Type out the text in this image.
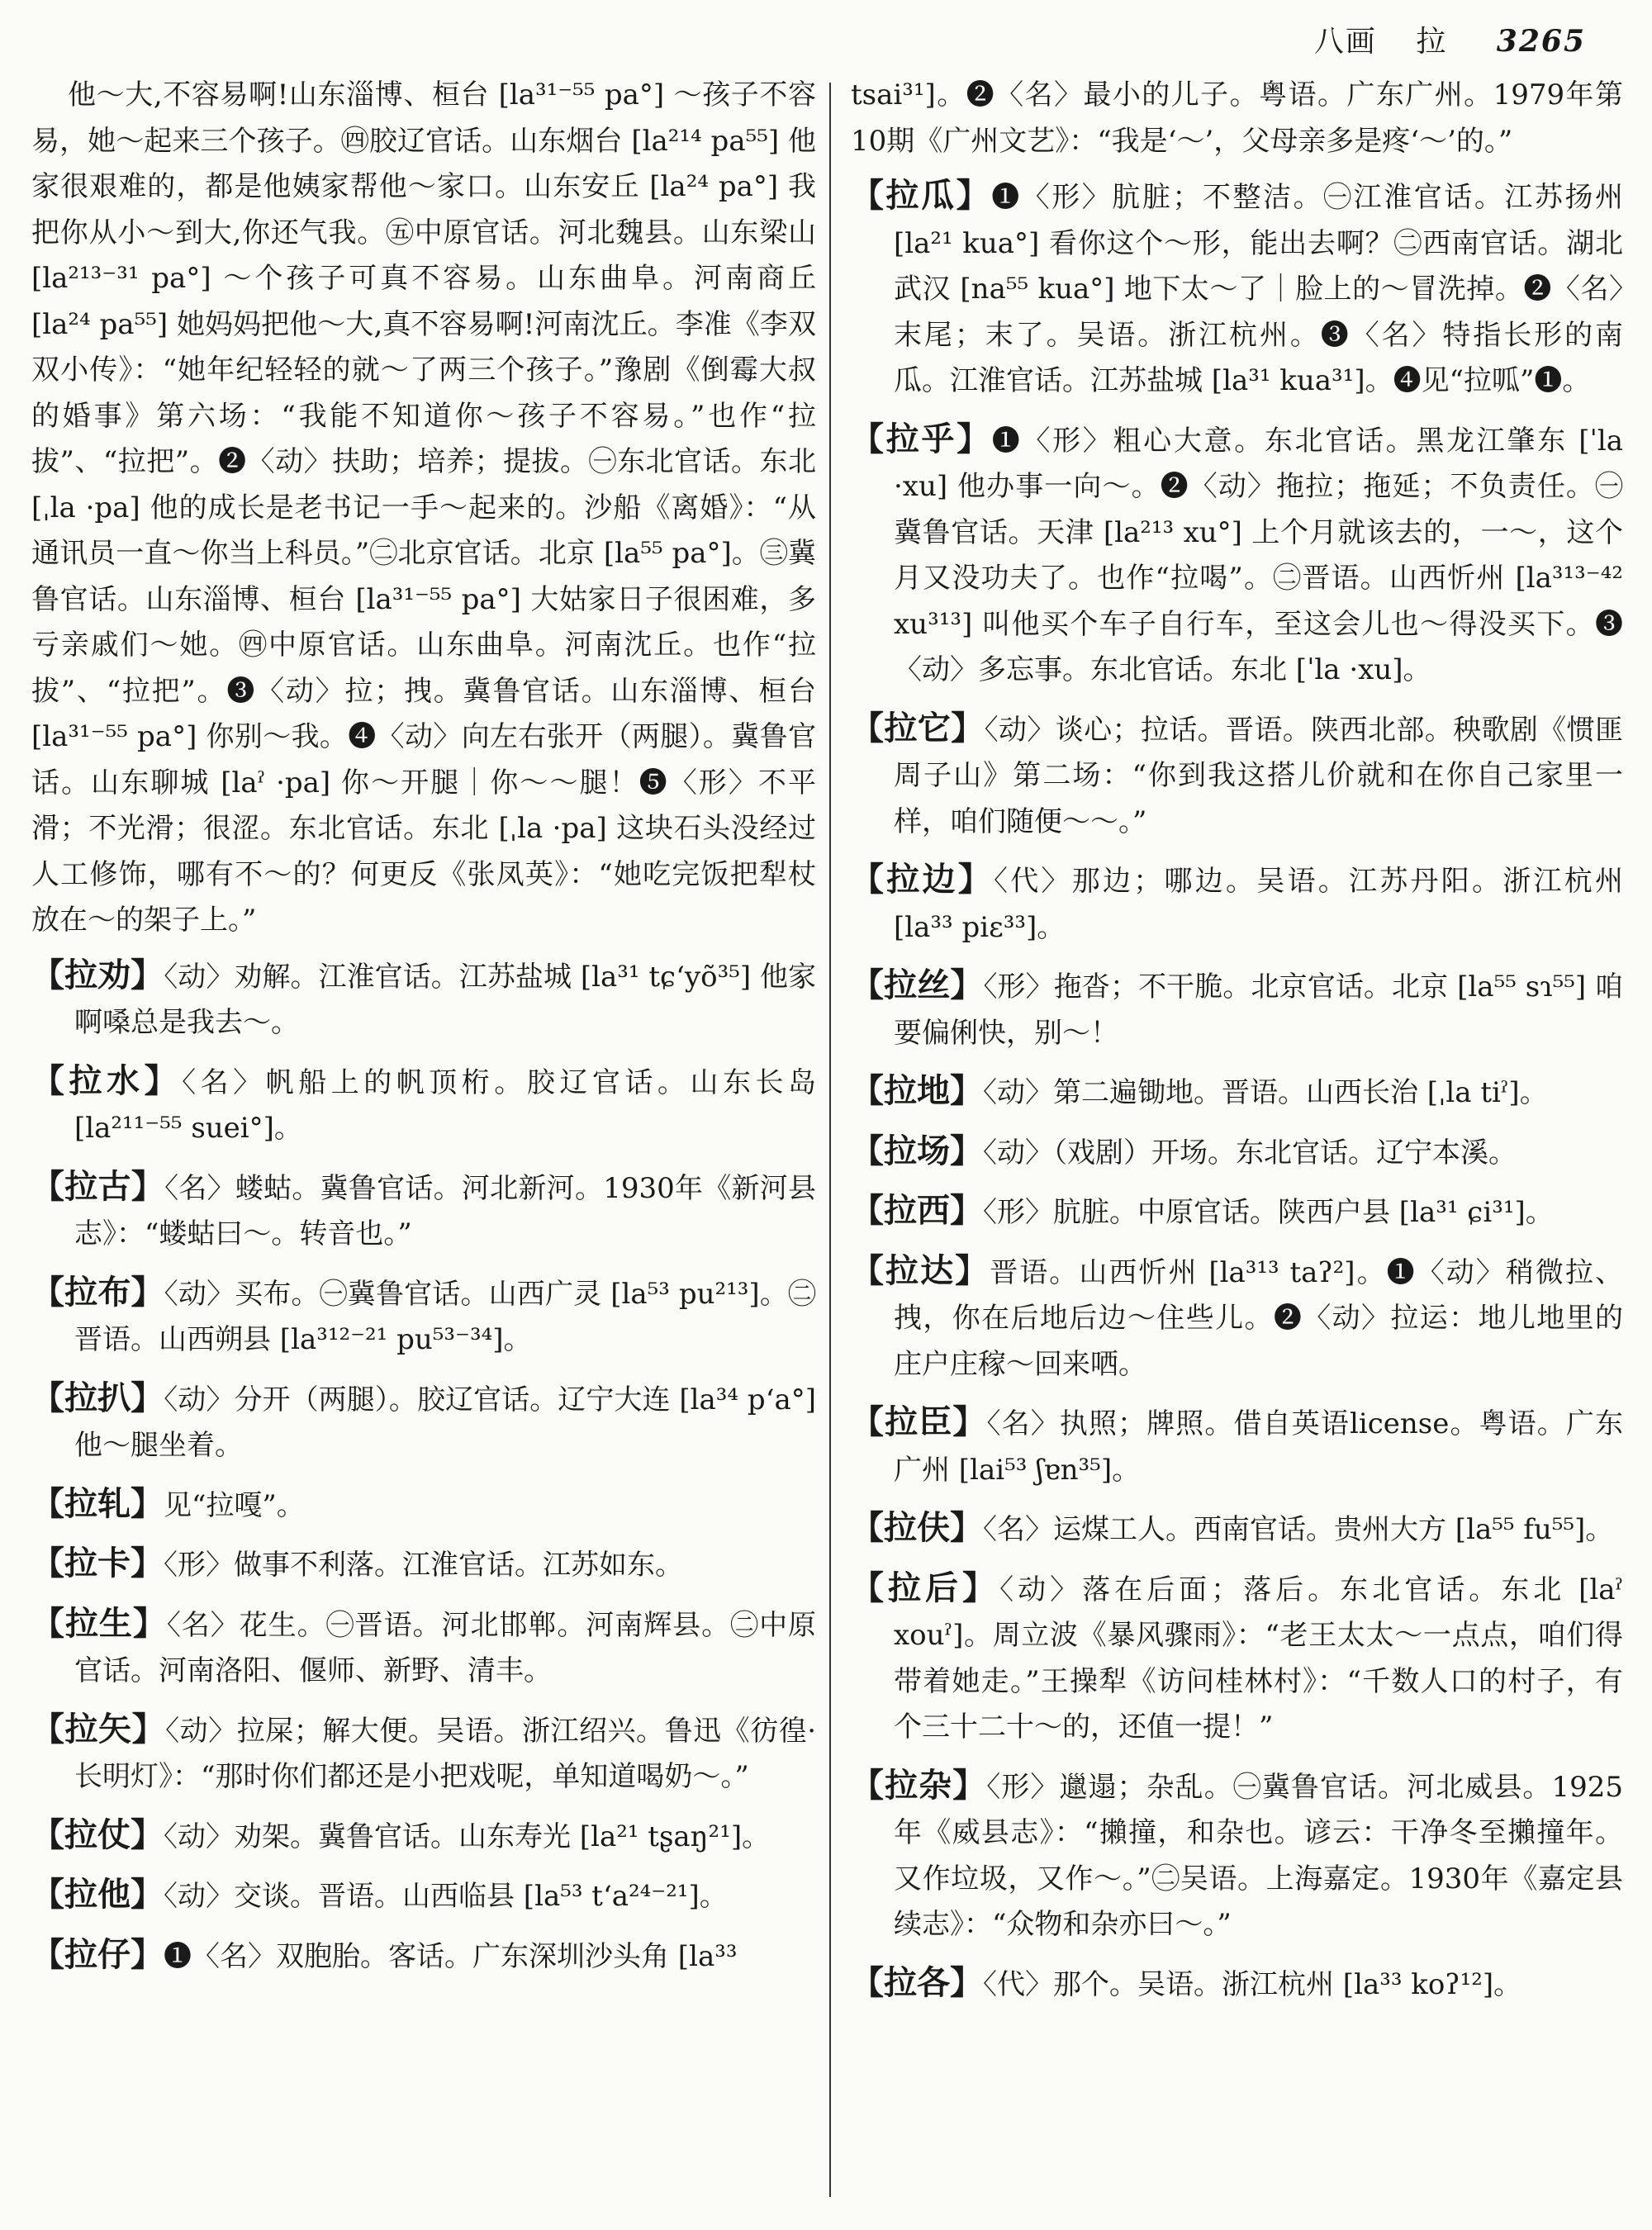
八画 拉 3265

他～大,不容易啊!山东淄博、桓台 [la³¹⁻⁵⁵ pa°] ～孩子不容易，她～起来三个孩子。㊃胶辽官话。山东烟台 [la²¹⁴ pa⁵⁵] 他家很艰难的，都是他姨家帮他～家口。山东安丘 [la²⁴ pa°] 我把你从小～到大,你还气我。㊄中原官话。河北魏县。山东梁山 [la²¹³⁻³¹ pa°] ～个孩子可真不容易。山东曲阜。河南商丘 [la²⁴ pa⁵⁵] 她妈妈把他～大,真不容易啊!河南沈丘。李准《李双双小传》：“她年纪轻轻的就～了两三个孩子。”豫剧《倒霉大叔的婚事》第六场：“我能不知道你～孩子不容易。”也作“拉拔”、“拉把”。❷〈动〉扶助；培养；提拔。㊀东北官话。东北 [ˌla ·pa] 他的成长是老书记一手～起来的。沙船《离婚》：“从通讯员一直～你当上科员。”㊁北京官话。北京 [la⁵⁵ pa°]。㊂冀鲁官话。山东淄博、桓台 [la³¹⁻⁵⁵ pa°] 大姑家日子很困难，多亏亲戚们～她。㊃中原官话。山东曲阜。河南沈丘。也作“拉拔”、“拉把”。❸〈动〉拉；拽。冀鲁官话。山东淄博、桓台 [la³¹⁻⁵⁵ pa°] 你别～我。❹〈动〉向左右张开（两腿）。冀鲁官话。山东聊城 [laˀ ·pa] 你～开腿｜你～～腿！❺〈形〉不平滑；不光滑；很涩。东北官话。东北 [ˌla ·pa] 这块石头没经过人工修饰，哪有不～的？何更反《张凤英》：“她吃完饭把犁杖放在～的架子上。”

【拉劝】〈动〉劝解。江淮官话。江苏盐城 [la³¹ tɕʻyõ³⁵] 他家啊嗓总是我去～。
【拉水】〈名〉帆船上的帆顶桁。胶辽官话。山东长岛 [la²¹¹⁻⁵⁵ suei°]。
【拉古】〈名〉蝼蛄。冀鲁官话。河北新河。1930年《新河县志》：“蝼蛄曰～。转音也。”
【拉布】〈动〉买布。㊀冀鲁官话。山西广灵 [la⁵³ pu²¹³]。㊁晋语。山西朔县 [la³¹²⁻²¹ pu⁵³⁻³⁴]。
【拉扒】〈动〉分开（两腿）。胶辽官话。辽宁大连 [la³⁴ pʻa°] 他～腿坐着。
【拉轧】见“拉嘎”。
【拉卡】〈形〉做事不利落。江淮官话。江苏如东。
【拉生】〈名〉花生。㊀晋语。河北邯郸。河南辉县。㊁中原官话。河南洛阳、偃师、新野、清丰。
【拉矢】〈动〉拉屎；解大便。吴语。浙江绍兴。鲁迅《彷徨·长明灯》：“那时你们都还是小把戏呢，单知道喝奶～。”
【拉仗】〈动〉劝架。冀鲁官话。山东寿光 [la²¹ tʂaŋ²¹]。
【拉他】〈动〉交谈。晋语。山西临县 [la⁵³ tʻa²⁴⁻²¹]。
【拉仔】❶〈名〉双胞胎。客话。广东深圳沙头角 [la³³

tsai³¹]。❷〈名〉最小的儿子。粤语。广东广州。1979年第10期《广州文艺》：“我是‘～’，父母亲多是疼‘～’的。”

【拉瓜】❶〈形〉肮脏；不整洁。㊀江淮官话。江苏扬州 [la²¹ kua°] 看你这个～形，能出去啊？㊁西南官话。湖北武汉 [na⁵⁵ kua°] 地下太～了｜脸上的～冒洗掉。❷〈名〉末尾；末了。吴语。浙江杭州。❸〈名〉特指长形的南瓜。江淮官话。江苏盐城 [la³¹ kua³¹]。❹见“拉呱”❶。
【拉乎】❶〈形〉粗心大意。东北官话。黑龙江肇东 [ˈla ·xu] 他办事一向～。❷〈动〉拖拉；拖延；不负责任。㊀冀鲁官话。天津 [la²¹³ xu°] 上个月就该去的，一～，这个月又没功夫了。也作“拉喝”。㊁晋语。山西忻州 [la³¹³⁻⁴² xu³¹³] 叫他买个车子自行车，至这会儿也～得没买下。❸〈动〉多忘事。东北官话。东北 [ˈla ·xu]。
【拉它】〈动〉谈心；拉话。晋语。陕西北部。秧歌剧《惯匪周子山》第二场：“你到我这搭儿价就和在你自己家里一样，咱们随便～～。”
【拉边】〈代〉那边；哪边。吴语。江苏丹阳。浙江杭州 [la³³ piɛ³³]。
【拉丝】〈形〉拖沓；不干脆。北京官话。北京 [la⁵⁵ sɿ⁵⁵] 咱要偏俐快，别～！
【拉地】〈动〉第二遍锄地。晋语。山西长治 [ˌla tiˀ]。
【拉场】〈动〉（戏剧）开场。东北官话。辽宁本溪。
【拉西】〈形〉肮脏。中原官话。陕西户县 [la³¹ ɕi³¹]。
【拉达】晋语。山西忻州 [la³¹³ taʔ²]。❶〈动〉稍微拉、拽，你在后地后边～住些儿。❷〈动〉拉运：地儿地里的庄户庄稼～回来哂。
【拉臣】〈名〉执照；牌照。借自英语license。粤语。广东广州 [lai⁵³ ʃɐn³⁵]。
【拉伕】〈名〉运煤工人。西南官话。贵州大方 [la⁵⁵ fu⁵⁵]。
【拉后】〈动〉落在后面；落后。东北官话。东北 [laˀ xouˀ]。周立波《暴风骤雨》：“老王太太～一点点，咱们得带着她走。”王操犁《访问桂林村》：“千数人口的村子，有个三十二十～的，还值一提！”
【拉杂】〈形〉邋遢；杂乱。㊀冀鲁官话。河北威县。1925年《威县志》：“攋撞，和杂也。谚云：干净冬至攋撞年。又作垃圾，又作～。”㊁吴语。上海嘉定。1930年《嘉定县续志》：“众物和杂亦曰～。”
【拉各】〈代〉那个。吴语。浙江杭州 [la³³ koʔ¹²]。
